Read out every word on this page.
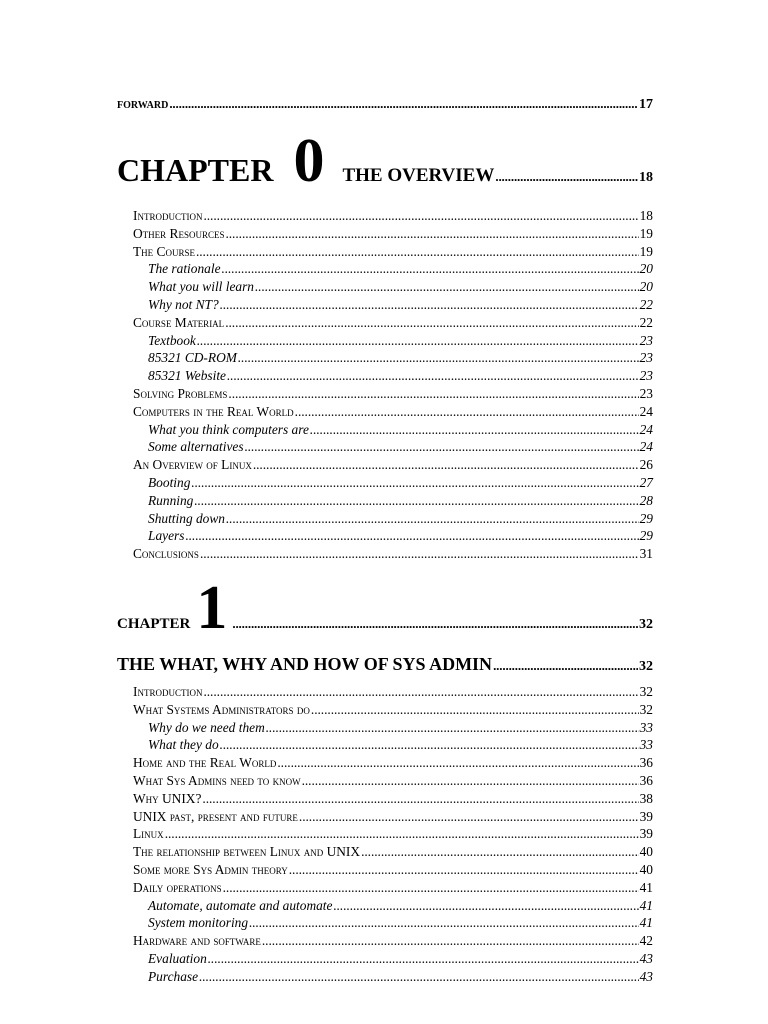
FORWARD . . .	17
CHAPTER 0 THE OVERVIEW . . .	18
Introduction . . .	18
Other Resources . . .	19
The Course . . .	19
The rationale . . .	20
What you will learn . . .	20
Why not NT? . . .	22
Course Material . . .	22
Textbook . . .	23
85321 CD-ROM . . .	23
85321 Website . . .	23
Solving Problems . . .	23
Computers in the Real World . . .	24
What you think computers are . . .	24
Some alternatives . . .	24
An Overview of Linux . . .	26
Booting . . .	27
Running . . .	28
Shutting down . . .	29
Layers . . .	29
Conclusions . . .	31
CHAPTER 1 . . .	32
THE WHAT, WHY AND HOW OF SYS ADMIN . . .	32
Introduction . . .	32
What Systems Administrators do . . .	32
Why do we need them . . .	33
What they do . . .	33
Home and the Real World . . .	36
What Sys Admins need to know . . .	36
Why UNIX? . . .	38
UNIX past, present and future . . .	39
Linux . . .	39
The relationship between Linux and UNIX . . .	40
Some more Sys Admin theory . . .	40
Daily operations . . .	41
Automate, automate and automate . . .	41
System monitoring . . .	41
Hardware and software . . .	42
Evaluation . . .	43
Purchase . . .	43
